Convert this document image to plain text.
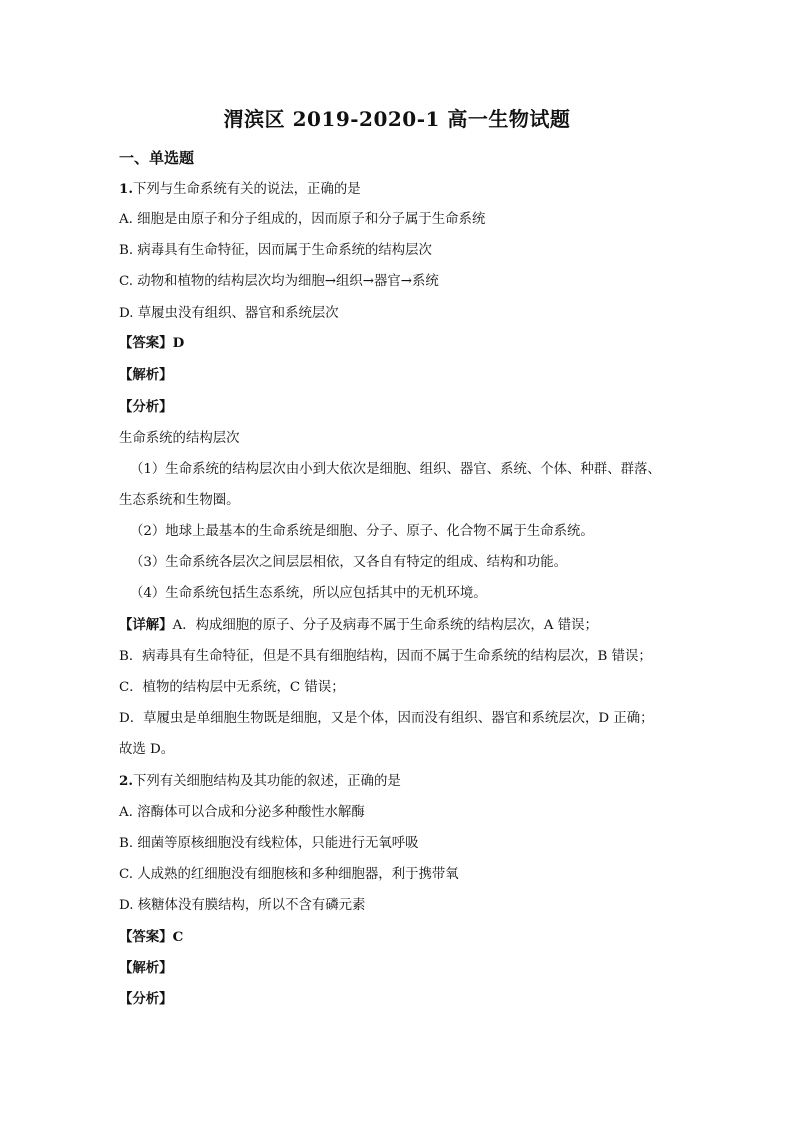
渭滨区 2019-2020-1 高一生物试题
一、单选题
1.下列与生命系统有关的说法，正确的是
A. 细胞是由原子和分子组成的，因而原子和分子属于生命系统
B. 病毒具有生命特征，因而属于生命系统的结构层次
C. 动物和植物的结构层次均为细胞→组织→器官→系统
D. 草履虫没有组织、器官和系统层次
【答案】D
【解析】
【分析】
生命系统的结构层次
（1）生命系统的结构层次由小到大依次是细胞、组织、器官、系统、个体、种群、群落、
生态系统和生物圈。
（2）地球上最基本的生命系统是细胞、分子、原子、化合物不属于生命系统。
（3）生命系统各层次之间层层相依，又各自有特定的组成、结构和功能。
（4）生命系统包括生态系统，所以应包括其中的无机环境。
【详解】A．构成细胞的原子、分子及病毒不属于生命系统的结构层次，A 错误；
B．病毒具有生命特征，但是不具有细胞结构，因而不属于生命系统的结构层次，B 错误；
C．植物的结构层中无系统，C 错误；
D．草履虫是单细胞生物既是细胞，又是个体，因而没有组织、器官和系统层次，D 正确；
故选 D。
2.下列有关细胞结构及其功能的叙述，正确的是
A. 溶酶体可以合成和分泌多种酸性水解酶
B. 细菌等原核细胞没有线粒体，只能进行无氧呼吸
C. 人成熟的红细胞没有细胞核和多种细胞器，利于携带氧
D. 核糖体没有膜结构，所以不含有磷元素
【答案】C
【解析】
【分析】
